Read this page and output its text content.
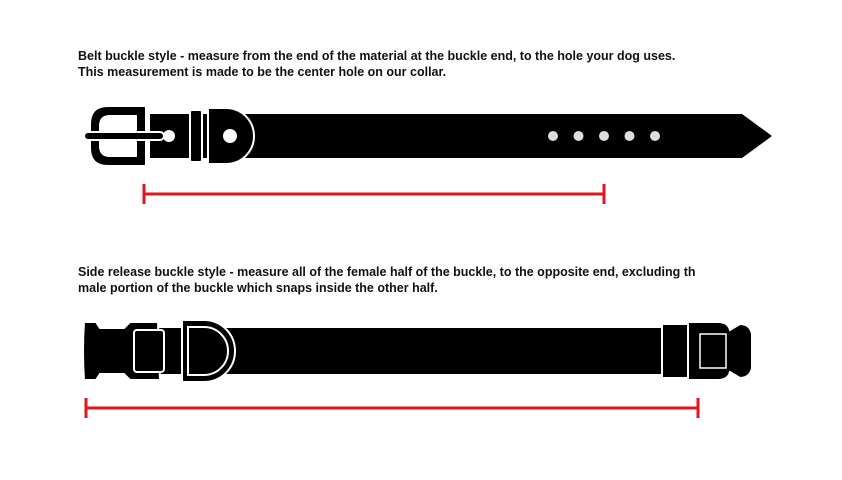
Belt buckle style - measure from the end of the material at the buckle end, to the hole your dog uses.
This measurement is made to be the center hole on our collar.
Side release buckle style - measure all of the female half of the buckle, to the opposite end, excluding th
male portion of the buckle which snaps inside the other half.
